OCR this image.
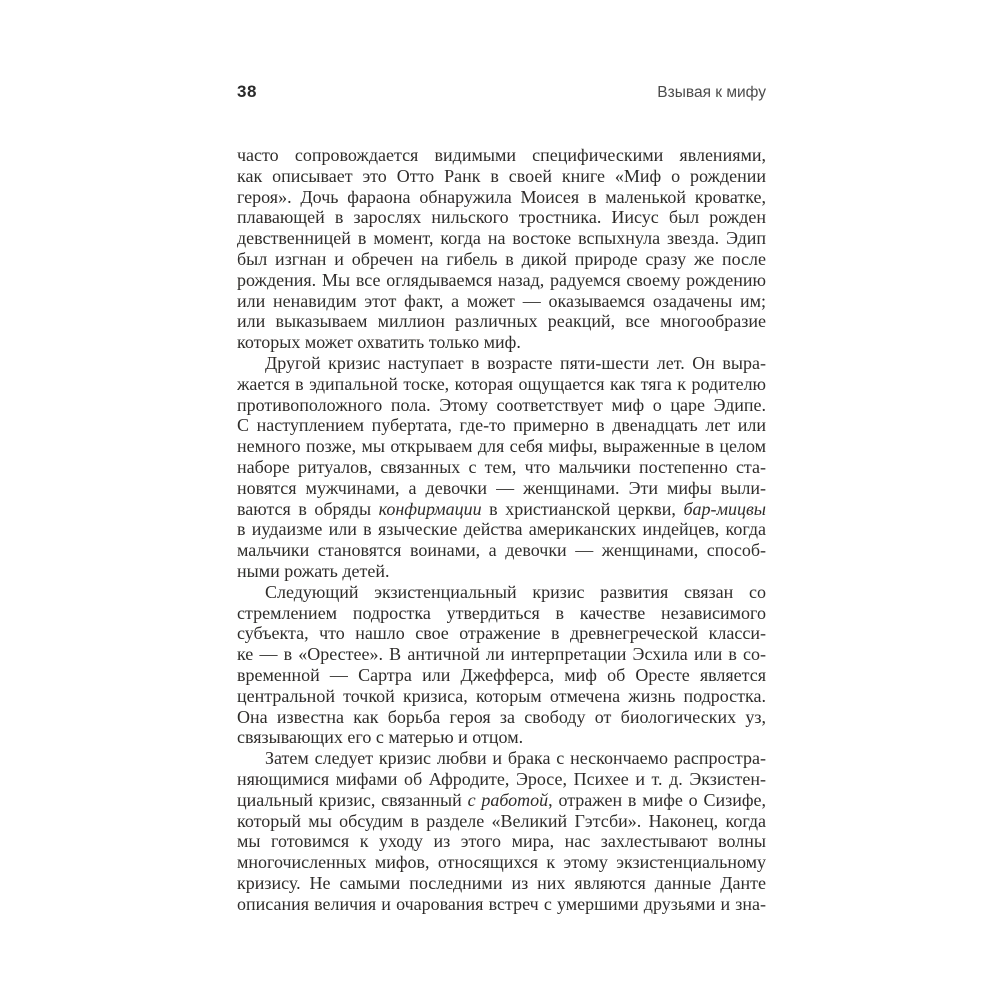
38	Взывая к мифу
часто сопровождается видимыми специфическими явлениями,
как описывает это Отто Ранк в своей книге «Миф о рождении
героя». Дочь фараона обнаружила Моисея в маленькой кроватке,
плавающей в зарослях нильского тростника. Иисус был рожден
девственницей в момент, когда на востоке вспыхнула звезда. Эдип
был изгнан и обречен на гибель в дикой природе сразу же после
рождения. Мы все оглядываемся назад, радуемся своему рождению
или ненавидим этот факт, а может — оказываемся озадачены им;
или выказываем миллион различных реакций, все многообразие
которых может охватить только миф.
Другой кризис наступает в возрасте пяти-шести лет. Он выра-
жается в эдипальной тоске, которая ощущается как тяга к родителю
противоположного пола. Этому соответствует миф о царе Эдипе.
С наступлением пубертата, где-то примерно в двенадцать лет или
немного позже, мы открываем для себя мифы, выраженные в целом
наборе ритуалов, связанных с тем, что мальчики постепенно ста-
новятся мужчинами, а девочки — женщинами. Эти мифы выли-
ваются в обряды конфирмации в христианской церкви, бар-мицвы
в иудаизме или в языческие действа американских индейцев, когда
мальчики становятся воинами, а девочки — женщинами, способ-
ными рожать детей.
Следующий экзистенциальный кризис развития связан со
стремлением подростка утвердиться в качестве независимого
субъекта, что нашло свое отражение в древнегреческой класси-
ке — в «Орестее». В античной ли интерпретации Эсхила или в со-
временной — Сартра или Джефферса, миф об Оресте является
центральной точкой кризиса, которым отмечена жизнь подростка.
Она известна как борьба героя за свободу от биологических уз,
связывающих его с матерью и отцом.
Затем следует кризис любви и брака с нескончаемо распростра-
няющимися мифами об Афродите, Эросе, Психее и т. д. Экзистен-
циальный кризис, связанный с работой, отражен в мифе о Сизифе,
который мы обсудим в разделе «Великий Гэтсби». Наконец, когда
мы готовимся к уходу из этого мира, нас захлестывают волны
многочисленных мифов, относящихся к этому экзистенциальному
кризису. Не самыми последними из них являются данные Данте
описания величия и очарования встреч с умершими друзьями и зна-
